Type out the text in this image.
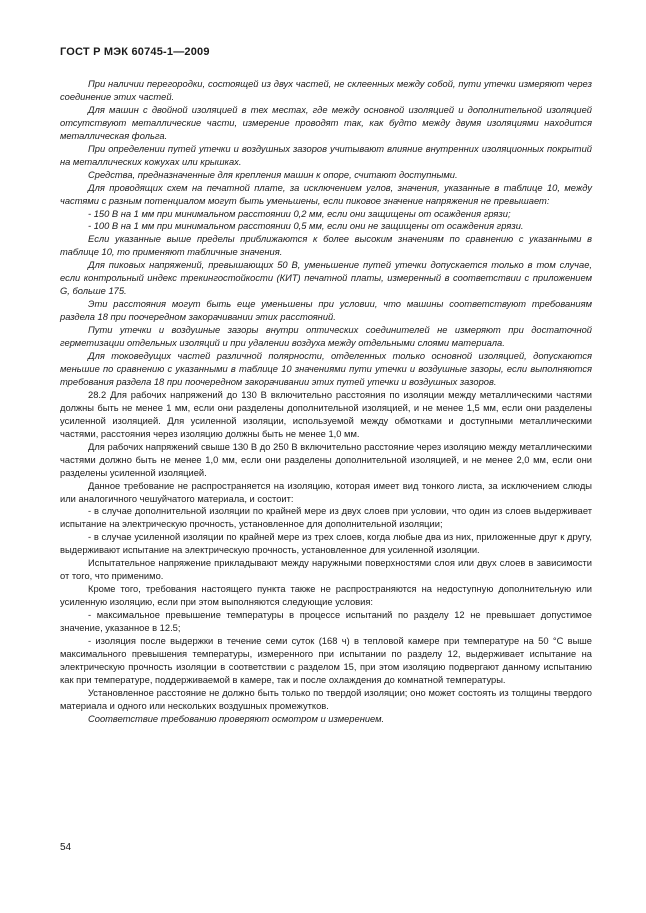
ГОСТ Р МЭК 60745-1—2009

При наличии перегородки, состоящей из двух частей, не склеенных между собой, пути утечки измеряют через соединение этих частей.

Для машин с двойной изоляцией в тех местах, где между основной изоляцией и дополнительной изоляцией отсутствуют металлические части, измерение проводят так, как будто между двумя изоляциями находится металлическая фольга.

При определении путей утечки и воздушных зазоров учитывают влияние внутренних изоляционных покрытий на металлических кожухах или крышках.

Средства, предназначенные для крепления машин к опоре, считают доступными.

Для проводящих схем на печатной плате, за исключением углов, значения, указанные в таблице 10, между частями с разным потенциалом могут быть уменьшены, если пиковое значение напряжения не превышает:

- 150 В на 1 мм при минимальном расстоянии 0,2 мм, если они защищены от осаждения грязи;

- 100 В на 1 мм при минимальном расстоянии 0,5 мм, если они не защищены от осаждения грязи.

Если указанные выше пределы приближаются к более высоким значениям по сравнению с указанными в таблице 10, то применяют табличные значения.

Для пиковых напряжений, превышающих 50 В, уменьшение путей утечки допускается только в том случае, если контрольный индекс трекингостойкости (КИТ) печатной платы, измеренный в соответствии с приложением G, больше 175.

Эти расстояния могут быть еще уменьшены при условии, что машины соответствуют требованиям раздела 18 при поочередном закорачивании этих расстояний.

Пути утечки и воздушные зазоры внутри оптических соединителей не измеряют при достаточной герметизации отдельных изоляций и при удалении воздуха между отдельными слоями материала.

Для токоведущих частей различной полярности, отделенных только основной изоляцией, допускаются меньшие по сравнению с указанными в таблице 10 значениями пути утечки и воздушные зазоры, если выполняются требования раздела 18 при поочередном закорачивании этих путей утечки и воздушных зазоров.

28.2 Для рабочих напряжений до 130 В включительно расстояния по изоляции между металлическими частями должны быть не менее 1 мм, если они разделены дополнительной изоляцией, и не менее 1,5 мм, если они разделены усиленной изоляцией. Для усиленной изоляции, используемой между обмотками и доступными металлическими частями, расстояния через изоляцию должны быть не менее 1,0 мм.

Для рабочих напряжений свыше 130 В до 250 В включительно расстояние через изоляцию между металлическими частями должно быть не менее 1,0 мм, если они разделены дополнительной изоляцией, и не менее 2,0 мм, если они разделены усиленной изоляцией.

Данное требование не распространяется на изоляцию, которая имеет вид тонкого листа, за исключением слюды или аналогичного чешуйчатого материала, и состоит:

- в случае дополнительной изоляции по крайней мере из двух слоев при условии, что один из слоев выдерживает испытание на электрическую прочность, установленное для дополнительной изоляции;

- в случае усиленной изоляции по крайней мере из трех слоев, когда любые два из них, приложенные друг к другу, выдерживают испытание на электрическую прочность, установленное для усиленной изоляции.

Испытательное напряжение прикладывают между наружными поверхностями слоя или двух слоев в зависимости от того, что применимо.

Кроме того, требования настоящего пункта также не распространяются на недоступную дополнительную или усиленную изоляцию, если при этом выполняются следующие условия:

- максимальное превышение температуры в процессе испытаний по разделу 12 не превышает допустимое значение, указанное в 12.5;

- изоляция после выдержки в течение семи суток (168 ч) в тепловой камере при температуре на 50 °С выше максимального превышения температуры, измеренного при испытании по разделу 12, выдерживает испытание на электрическую прочность изоляции в соответствии с разделом 15, при этом изоляцию подвергают данному испытанию как при температуре, поддерживаемой в камере, так и после охлаждения до комнатной температуры.

Установленное расстояние не должно быть только по твердой изоляции; оно может состоять из толщины твердого материала и одного или нескольких воздушных промежутков.

Соответствие требованию проверяют осмотром и измерением.

54
